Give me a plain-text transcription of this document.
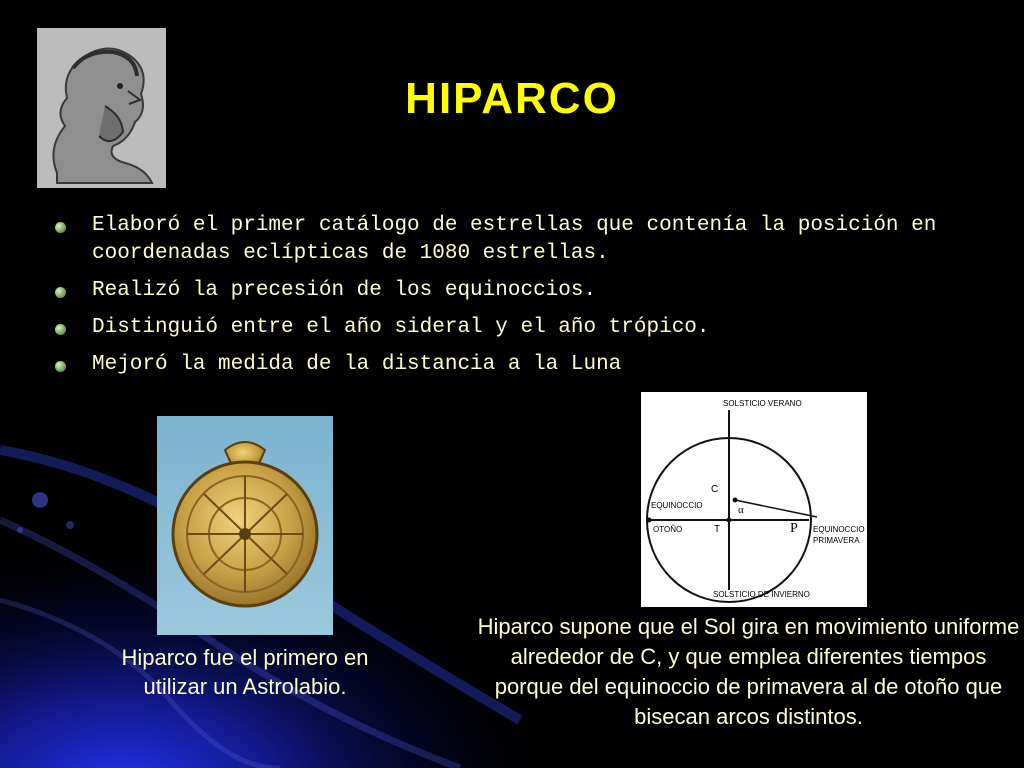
HIPARCO
Elaboró el primer catálogo de estrellas que contenía la posición en coordenadas eclípticas de 1080 estrellas.
Realizó la precesión de los equinoccios.
Distinguió entre el año sideral y el año trópico.
Mejoró la medida de la distancia a la Luna
Hiparco fue el primero en utilizar un Astrolabio.
SOLSTICIO VERANO
SOLSTICIO DE INVIERNO
EQUINOCCIO
OTOÑO	EQUINOCCIO
PRIMAVERA
C
T
α
P
Hiparco supone que el Sol gira en movimiento uniforme alrededor de C, y que emplea diferentes tiempos porque del equinoccio de primavera al de otoño que bisecan arcos distintos.
